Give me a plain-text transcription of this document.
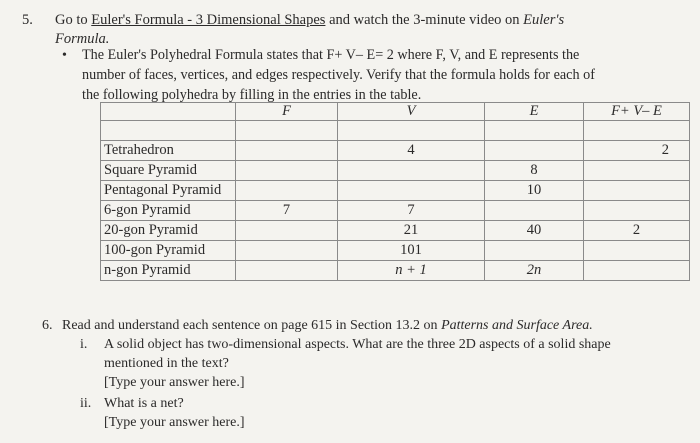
5. Go to Euler's Formula - 3 Dimensional Shapes and watch the 3-minute video on Euler's
Formula.
• The Euler's Polyhedral Formula states that F+ V– E= 2 where F, V, and E represents the
number of faces, vertices, and edges respectively. Verify that the formula holds for each of
the following polyhedra by filling in the entries in the table.
	F	V	E	F+ V– E

Tetrahedron		4		2
Square Pyramid			8	
Pentagonal Pyramid			10	
6-gon Pyramid	7	7		
20-gon Pyramid		21	40	2
100-gon Pyramid		101		
n-gon Pyramid		n + 1	2n	
6. Read and understand each sentence on page 615 in Section 13.2 on Patterns and Surface Area.
i. A solid object has two-dimensional aspects. What are the three 2D aspects of a solid shape
mentioned in the text?
[Type your answer here.]
ii. What is a net?
[Type your answer here.]
